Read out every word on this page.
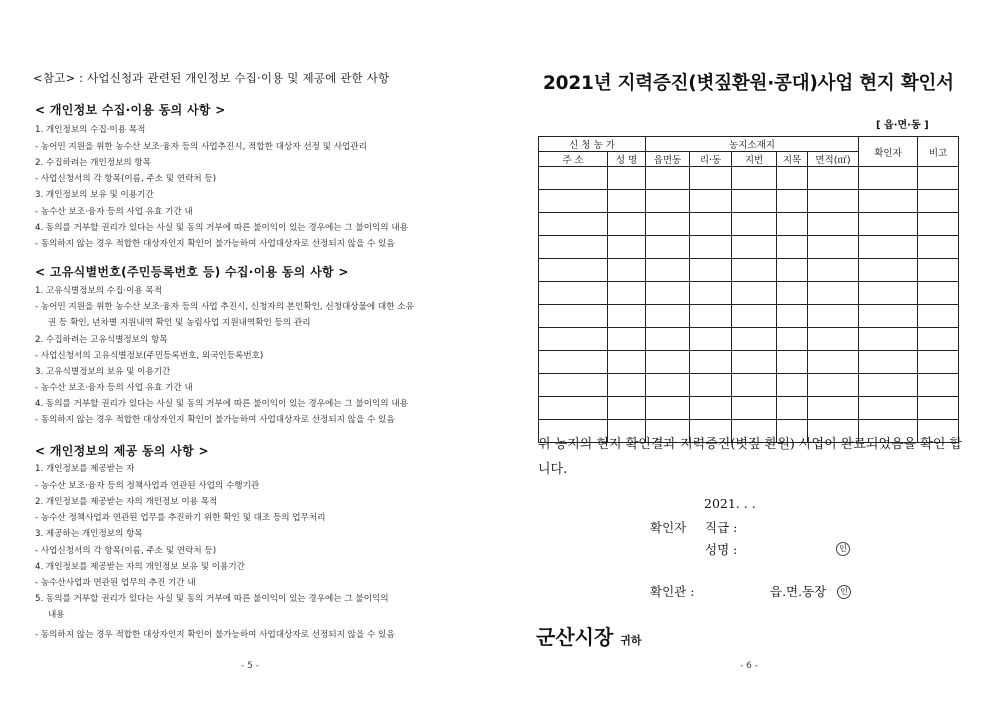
<참고> : 사업신청과 관련된 개인정보 수집·이용 및 제공에 관한 사항
< 개인정보 수집·이용 동의 사항 >
1. 개인정보의 수집·이용 목적
- 농어민 지원을 위한 농수산 보조·융자 등의 사업추진시, 적합한 대상자 선정 및 사업관리
2. 수집하려는 개인정보의 항목
- 사업신청서의 각 항목(이름, 주소 및 연락처 등)
3. 개인정보의 보유 및 이용기간
- 농수산 보조·융자 등의 사업 유효 기간 내
4. 동의를 거부할 권리가 있다는 사실 및 동의 거부에 따른 불이익이 있는 경우에는 그 불이익의 내용
- 동의하지 않는 경우 적합한 대상자인지 확인이 불가능하여 사업대상자로 선정되지 않을 수 있음
< 고유식별번호(주민등록번호 등) 수집·이용 동의 사항 >
1. 고유식별정보의 수집·이용 목적
- 농어민 지원을 위한 농수산 보조·융자 등의 사업 추진시, 신청자의 본인확인, 신청대상물에 대한 소유
권 등 확인, 년차별 지원내역 확인 및 농림사업 지원내역확인 등의 관리
2. 수집하려는 고유식별정보의 항목
- 사업신청서의 고유식별정보(주민등록번호, 외국인등록번호)
3. 고유식별정보의 보유 및 이용기간
- 농수산 보조·융자 등의 사업 유효 기간 내
4. 동의를 거부할 권리가 있다는 사실 및 동의 거부에 따른 불이익이 있는 경우에는 그 불이익의 내용
- 동의하지 않는 경우 적합한 대상자인지 확인이 불가능하여 사업대상자로 선정되지 않을 수 있음
< 개인정보의 제공 동의 사항 >
1. 개인정보를 제공받는 자
- 농수산 보조·융자 등의 정책사업과 연관된 사업의 수행기관
2. 개인정보를 제공받는 자의 개인정보 이용 목적
- 농수산 정책사업과 연관된 업무를 추진하기 위한 확인 및 대조 등의 업무처리
3. 제공하는 개인정보의 항목
- 사업신청서의 각 항목(이름, 주소 및 연락처 등)
4. 개인정보를 제공받는 자의 개인정보 보유 및 이용기간
- 농수산사업과 연관된 업무의 추진 기간 내
5. 동의를 거부할 권리가 있다는 사실 및 동의 거부에 따른 불이익이 있는 경우에는 그 불이익의
내용
- 동의하지 않는 경우 적합한 대상자인지 확인이 불가능하여 사업대상자로 선정되지 않을 수 있음
- 5 -
2021년 지력증진(볏짚환원·콩대)사업 현지 확인서
[ 읍·면·동 ]
신 청 농 가		농지소재지					확인자	비고
주 소	성 명	읍면동	리·동	지번	지목	면적(㎡)		

위 농지의 현지 확인결과 지력증진(볏짚 환원) 사업이 완료되었음을 확인 합니다.
2021. . .
확인자 직급 :
성명 :	인
확인관 :	읍.면.동장	인
군산시장 귀하
- 6 -
